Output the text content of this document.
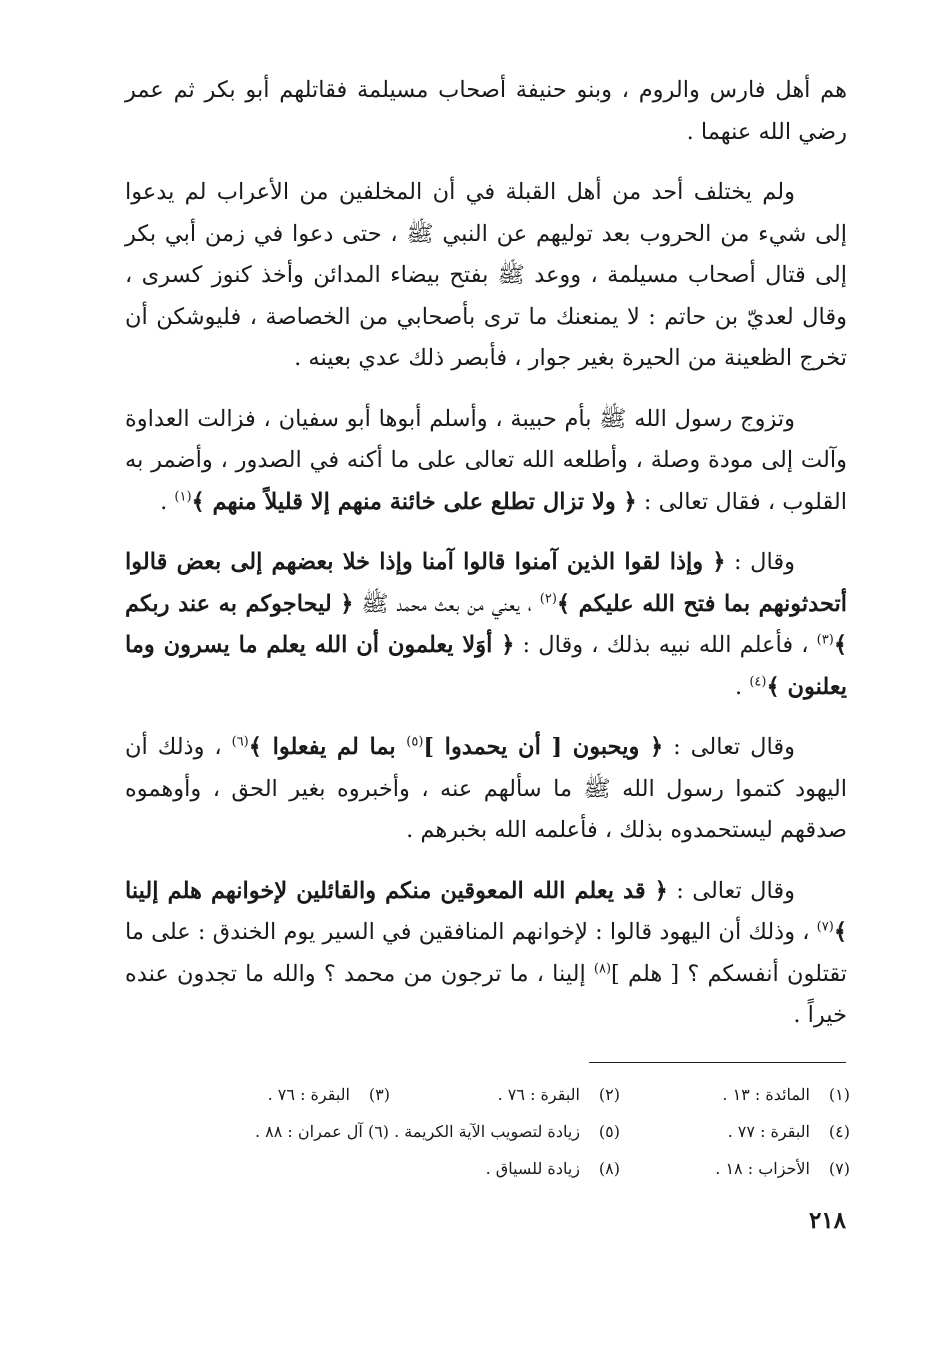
هم أهل فارس والروم ، وبنو حنيفة أصحاب مسيلمة فقاتلهم أبو بكر ثم عمر رضي الله عنهما .

ولم يختلف أحد من أهل القبلة في أن المخلفين من الأعراب لم يدعوا إلى شيء من الحروب بعد توليهم عن النبي ﷺ ، حتى دعوا في زمن أبي بكر إلى قتال أصحاب مسيلمة ، ووعد ﷺ بفتح بيضاء المدائن وأخذ كنوز كسرى ، وقال لعديّ بن حاتم : لا يمنعنك ما ترى بأصحابي من الخصاصة ، فليوشكن أن تخرج الظعينة من الحيرة بغير جوار ، فأبصر ذلك عدي بعينه .

وتزوج رسول الله ﷺ بأم حبيبة ، وأسلم أبوها أبو سفيان ، فزالت العداوة وآلت إلى مودة وصلة ، وأطلعه الله تعالى على ما أكنه في الصدور ، وأضمر به القلوب ، فقال تعالى : ﴿ ولا تزال تطلع على خائنة منهم إلا قليلاً منهم ﴾$^{(١)}$ .

وقال : ﴿ وإذا لقوا الذين آمنوا قالوا آمنا وإذا خلا بعضهم إلى بعض قالوا أتحدثونهم بما فتح الله عليكم ﴾$^{(٢)}$ ، يعني من بعث محمد ﷺ ﴿ ليحاجوكم به عند ربكم ﴾$^{(٣)}$ ، فأعلم الله نبيه بذلك ، وقال : ﴿ أوَلا يعلمون أن الله يعلم ما يسرون وما يعلنون ﴾$^{(٤)}$ .

وقال تعالى : ﴿ ويحبون [ أن يحمدوا ]$^{(٥)}$ بما لم يفعلوا ﴾$^{(٦)}$ ، وذلك أن اليهود كتموا رسول الله ﷺ ما سألهم عنه ، وأخبروه بغير الحق ، وأوهموه صدقهم ليستحمدوه بذلك ، فأعلمه الله بخبرهم .

وقال تعالى : ﴿ قد يعلم الله المعوقين منكم والقائلين لإخوانهم هلم إلينا ﴾$^{(٧)}$ ، وذلك أن اليهود قالوا : لإخوانهم المنافقين في السير يوم الخندق : على ما تقتلون أنفسكم ؟ [ هلم ]$^{(٨)}$ إلينا ، ما ترجون من محمد ؟ والله ما تجدون عنده خيراً .

(١)المائدة : ١٣ .
(٢)البقرة : ٧٦ .
(٣)البقرة : ٧٦ .
(٤)البقرة : ٧٧ .
(٥)زيادة لتصويب الآية الكريمة . (٦) آل عمران : ٨٨ .
(٧)الأحزاب : ١٨ .
(٨)زيادة للسياق .
٢١٨
